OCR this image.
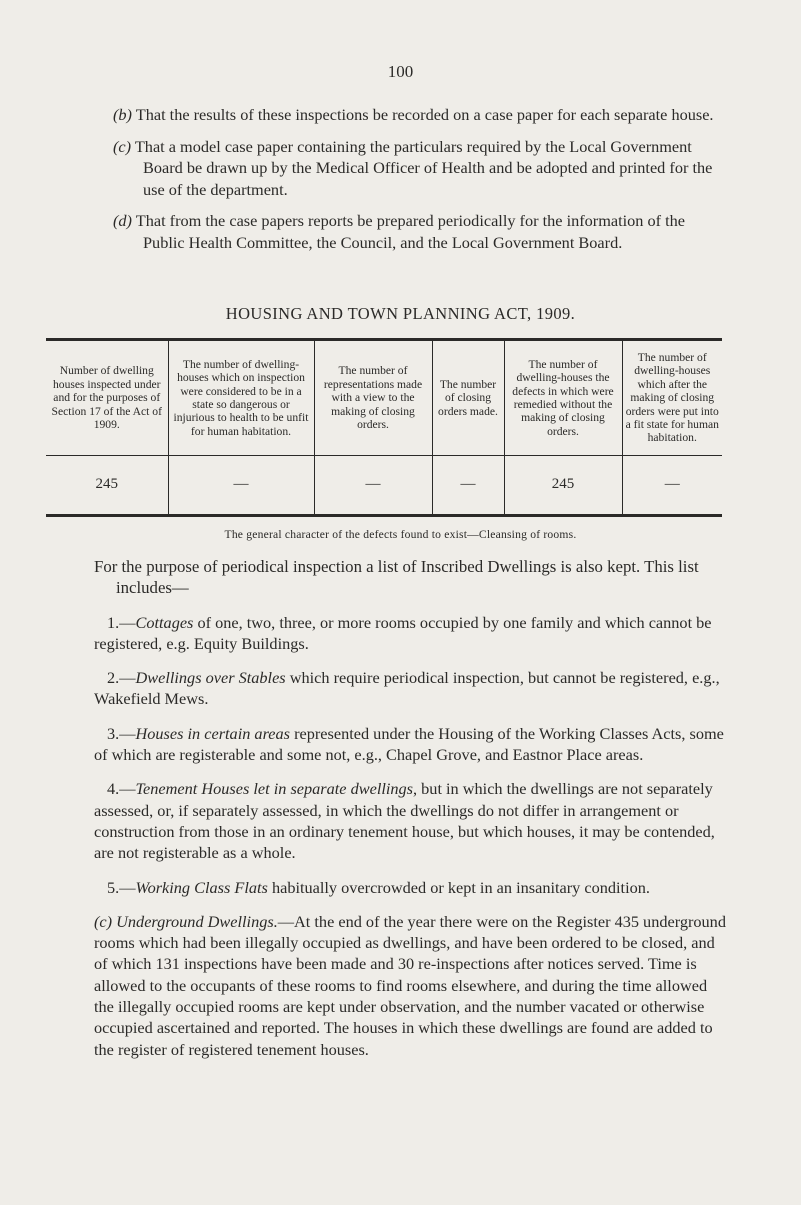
100
(b) That the results of these inspections be recorded on a case paper for each separate house.
(c) That a model case paper containing the particulars required by the Local Government Board be drawn up by the Medical Officer of Health and be adopted and printed for the use of the department.
(d) That from the case papers reports be prepared periodically for the information of the Public Health Committee, the Council, and the Local Government Board.
HOUSING AND TOWN PLANNING ACT, 1909.
Number of dwelling houses inspected under and for the purposes of Section 17 of the Act of 1909.	The number of dwelling-houses which on inspection were considered to be in a state so dangerous or injurious to health to be unfit for human habitation.	The number of representations made with a view to the making of closing orders.	The number of closing orders made.	The number of dwelling-houses the defects in which were remedied without the making of closing orders.	The number of dwelling-houses which after the making of closing orders were put into a fit state for human habitation.
245	—	—	—	245	—
The general character of the defects found to exist—Cleansing of rooms.

For the purpose of periodical inspection a list of Inscribed Dwellings is also kept. This list includes—

1.—Cottages of one, two, three, or more rooms occupied by one family and which cannot be registered, e.g. Equity Buildings.

2.—Dwellings over Stables which require periodical inspection, but cannot be registered, e.g., Wakefield Mews.

3.—Houses in certain areas represented under the Housing of the Working Classes Acts, some of which are registerable and some not, e.g., Chapel Grove, and Eastnor Place areas.

4.—Tenement Houses let in separate dwellings, but in which the dwellings are not separately assessed, or, if separately assessed, in which the dwellings do not differ in arrangement or construction from those in an ordinary tenement house, but which houses, it may be contended, are not registerable as a whole.

5.—Working Class Flats habitually overcrowded or kept in an insanitary condition.

(c) Underground Dwellings.—At the end of the year there were on the Register 435 underground rooms which had been illegally occupied as dwellings, and have been ordered to be closed, and of which 131 inspections have been made and 30 re-inspections after notices served. Time is allowed to the occupants of these rooms to find rooms elsewhere, and during the time allowed the illegally occupied rooms are kept under observation, and the number vacated or otherwise occupied ascertained and reported. The houses in which these dwellings are found are added to the register of registered tenement houses.
